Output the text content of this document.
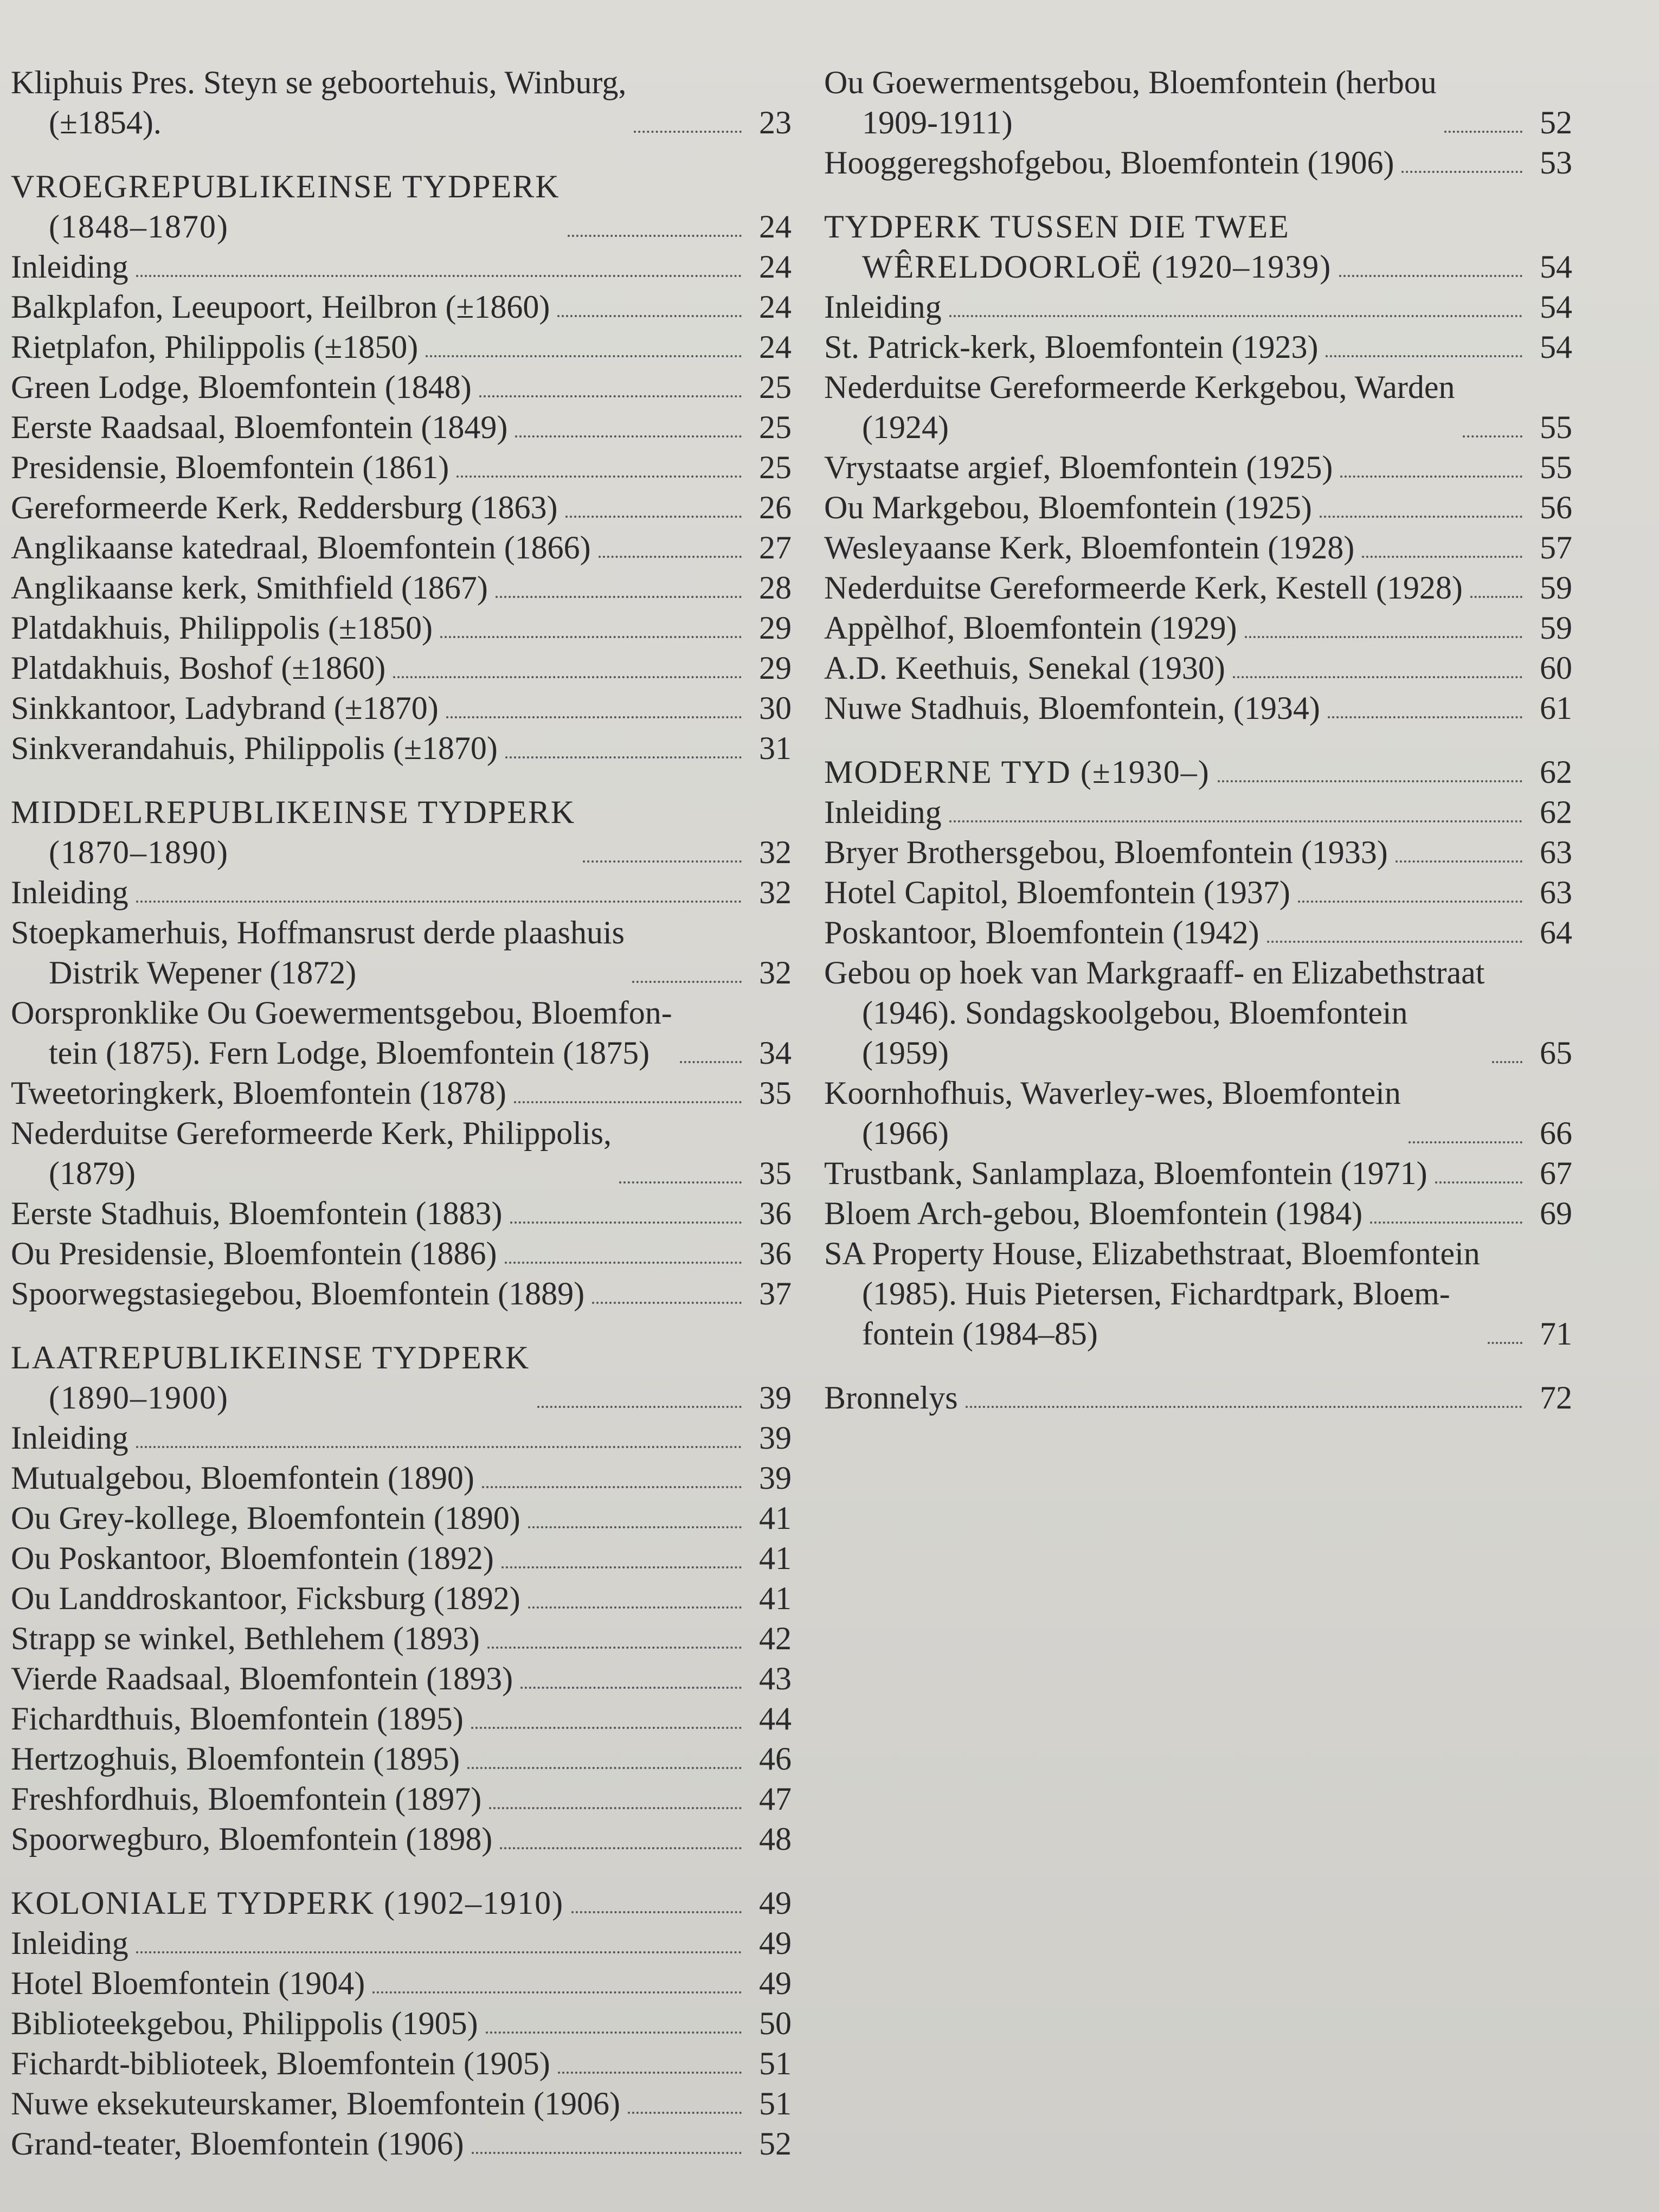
Kliphuis Pres. Steyn se geboortehuis, Winburg,
(±1854).	23
VROEGREPUBLIKEINSE TYDPERK
(1848–1870)	24
Inleiding	24
Balkplafon, Leeupoort, Heilbron (±1860)	24
Rietplafon, Philippolis (±1850)	24
Green Lodge, Bloemfontein (1848)	25
Eerste Raadsaal, Bloemfontein (1849)	25
Presidensie, Bloemfontein (1861)	25
Gereformeerde Kerk, Reddersburg (1863)	26
Anglikaanse katedraal, Bloemfontein (1866)	27
Anglikaanse kerk, Smithfield (1867)	28
Platdakhuis, Philippolis (±1850)	29
Platdakhuis, Boshof (±1860)	29
Sinkkantoor, Ladybrand (±1870)	30
Sinkverandahuis, Philippolis (±1870)	31
MIDDELREPUBLIKEINSE TYDPERK
(1870–1890)	32
Inleiding	32
Stoepkamerhuis, Hoffmansrust derde plaashuis
Distrik Wepener (1872)	32
Oorspronklike Ou Goewermentsgebou, Bloemfon-
tein (1875). Fern Lodge, Bloemfontein (1875)	34
Tweetoringkerk, Bloemfontein (1878)	35
Nederduitse Gereformeerde Kerk, Philippolis,
(1879)	35
Eerste Stadhuis, Bloemfontein (1883)	36
Ou Presidensie, Bloemfontein (1886)	36
Spoorwegstasiegebou, Bloemfontein (1889)	37
LAATREPUBLIKEINSE TYDPERK
(1890–1900)	39
Inleiding	39
Mutualgebou, Bloemfontein (1890)	39
Ou Grey-kollege, Bloemfontein (1890)	41
Ou Poskantoor, Bloemfontein (1892)	41
Ou Landdroskantoor, Ficksburg (1892)	41
Strapp se winkel, Bethlehem (1893)	42
Vierde Raadsaal, Bloemfontein (1893)	43
Fichardthuis, Bloemfontein (1895)	44
Hertzoghuis, Bloemfontein (1895)	46
Freshfordhuis, Bloemfontein (1897)	47
Spoorwegburo, Bloemfontein (1898)	48
KOLONIALE TYDPERK (1902–1910)	49
Inleiding	49
Hotel Bloemfontein (1904)	49
Biblioteekgebou, Philippolis (1905)	50
Fichardt-biblioteek, Bloemfontein (1905)	51
Nuwe eksekuteurskamer, Bloemfontein (1906)	51
Grand-teater, Bloemfontein (1906)	52
Ou Goewermentsgebou, Bloemfontein (herbou
1909-1911)	52
Hooggeregshofgebou, Bloemfontein (1906)	53
TYDPERK TUSSEN DIE TWEE
WÊRELDOORLOË (1920–1939)	54
Inleiding	54
St. Patrick-kerk, Bloemfontein (1923)	54
Nederduitse Gereformeerde Kerkgebou, Warden
(1924)	55
Vrystaatse argief, Bloemfontein (1925)	55
Ou Markgebou, Bloemfontein (1925)	56
Wesleyaanse Kerk, Bloemfontein (1928)	57
Nederduitse Gereformeerde Kerk, Kestell (1928)	59
Appèlhof, Bloemfontein (1929)	59
A.D. Keethuis, Senekal (1930)	60
Nuwe Stadhuis, Bloemfontein, (1934)	61
MODERNE TYD (±1930–)	62
Inleiding	62
Bryer Brothersgebou, Bloemfontein (1933)	63
Hotel Capitol, Bloemfontein (1937)	63
Poskantoor, Bloemfontein (1942)	64
Gebou op hoek van Markgraaff- en Elizabethstraat
(1946). Sondagskoolgebou, Bloemfontein
(1959)	65
Koornhofhuis, Waverley-wes, Bloemfontein
(1966)	66
Trustbank, Sanlamplaza, Bloemfontein (1971)	67
Bloem Arch-gebou, Bloemfontein (1984)	69
SA Property House, Elizabethstraat, Bloemfontein
(1985). Huis Pietersen, Fichardtpark, Bloem-
fontein (1984–85)	71
Bronnelys	72
